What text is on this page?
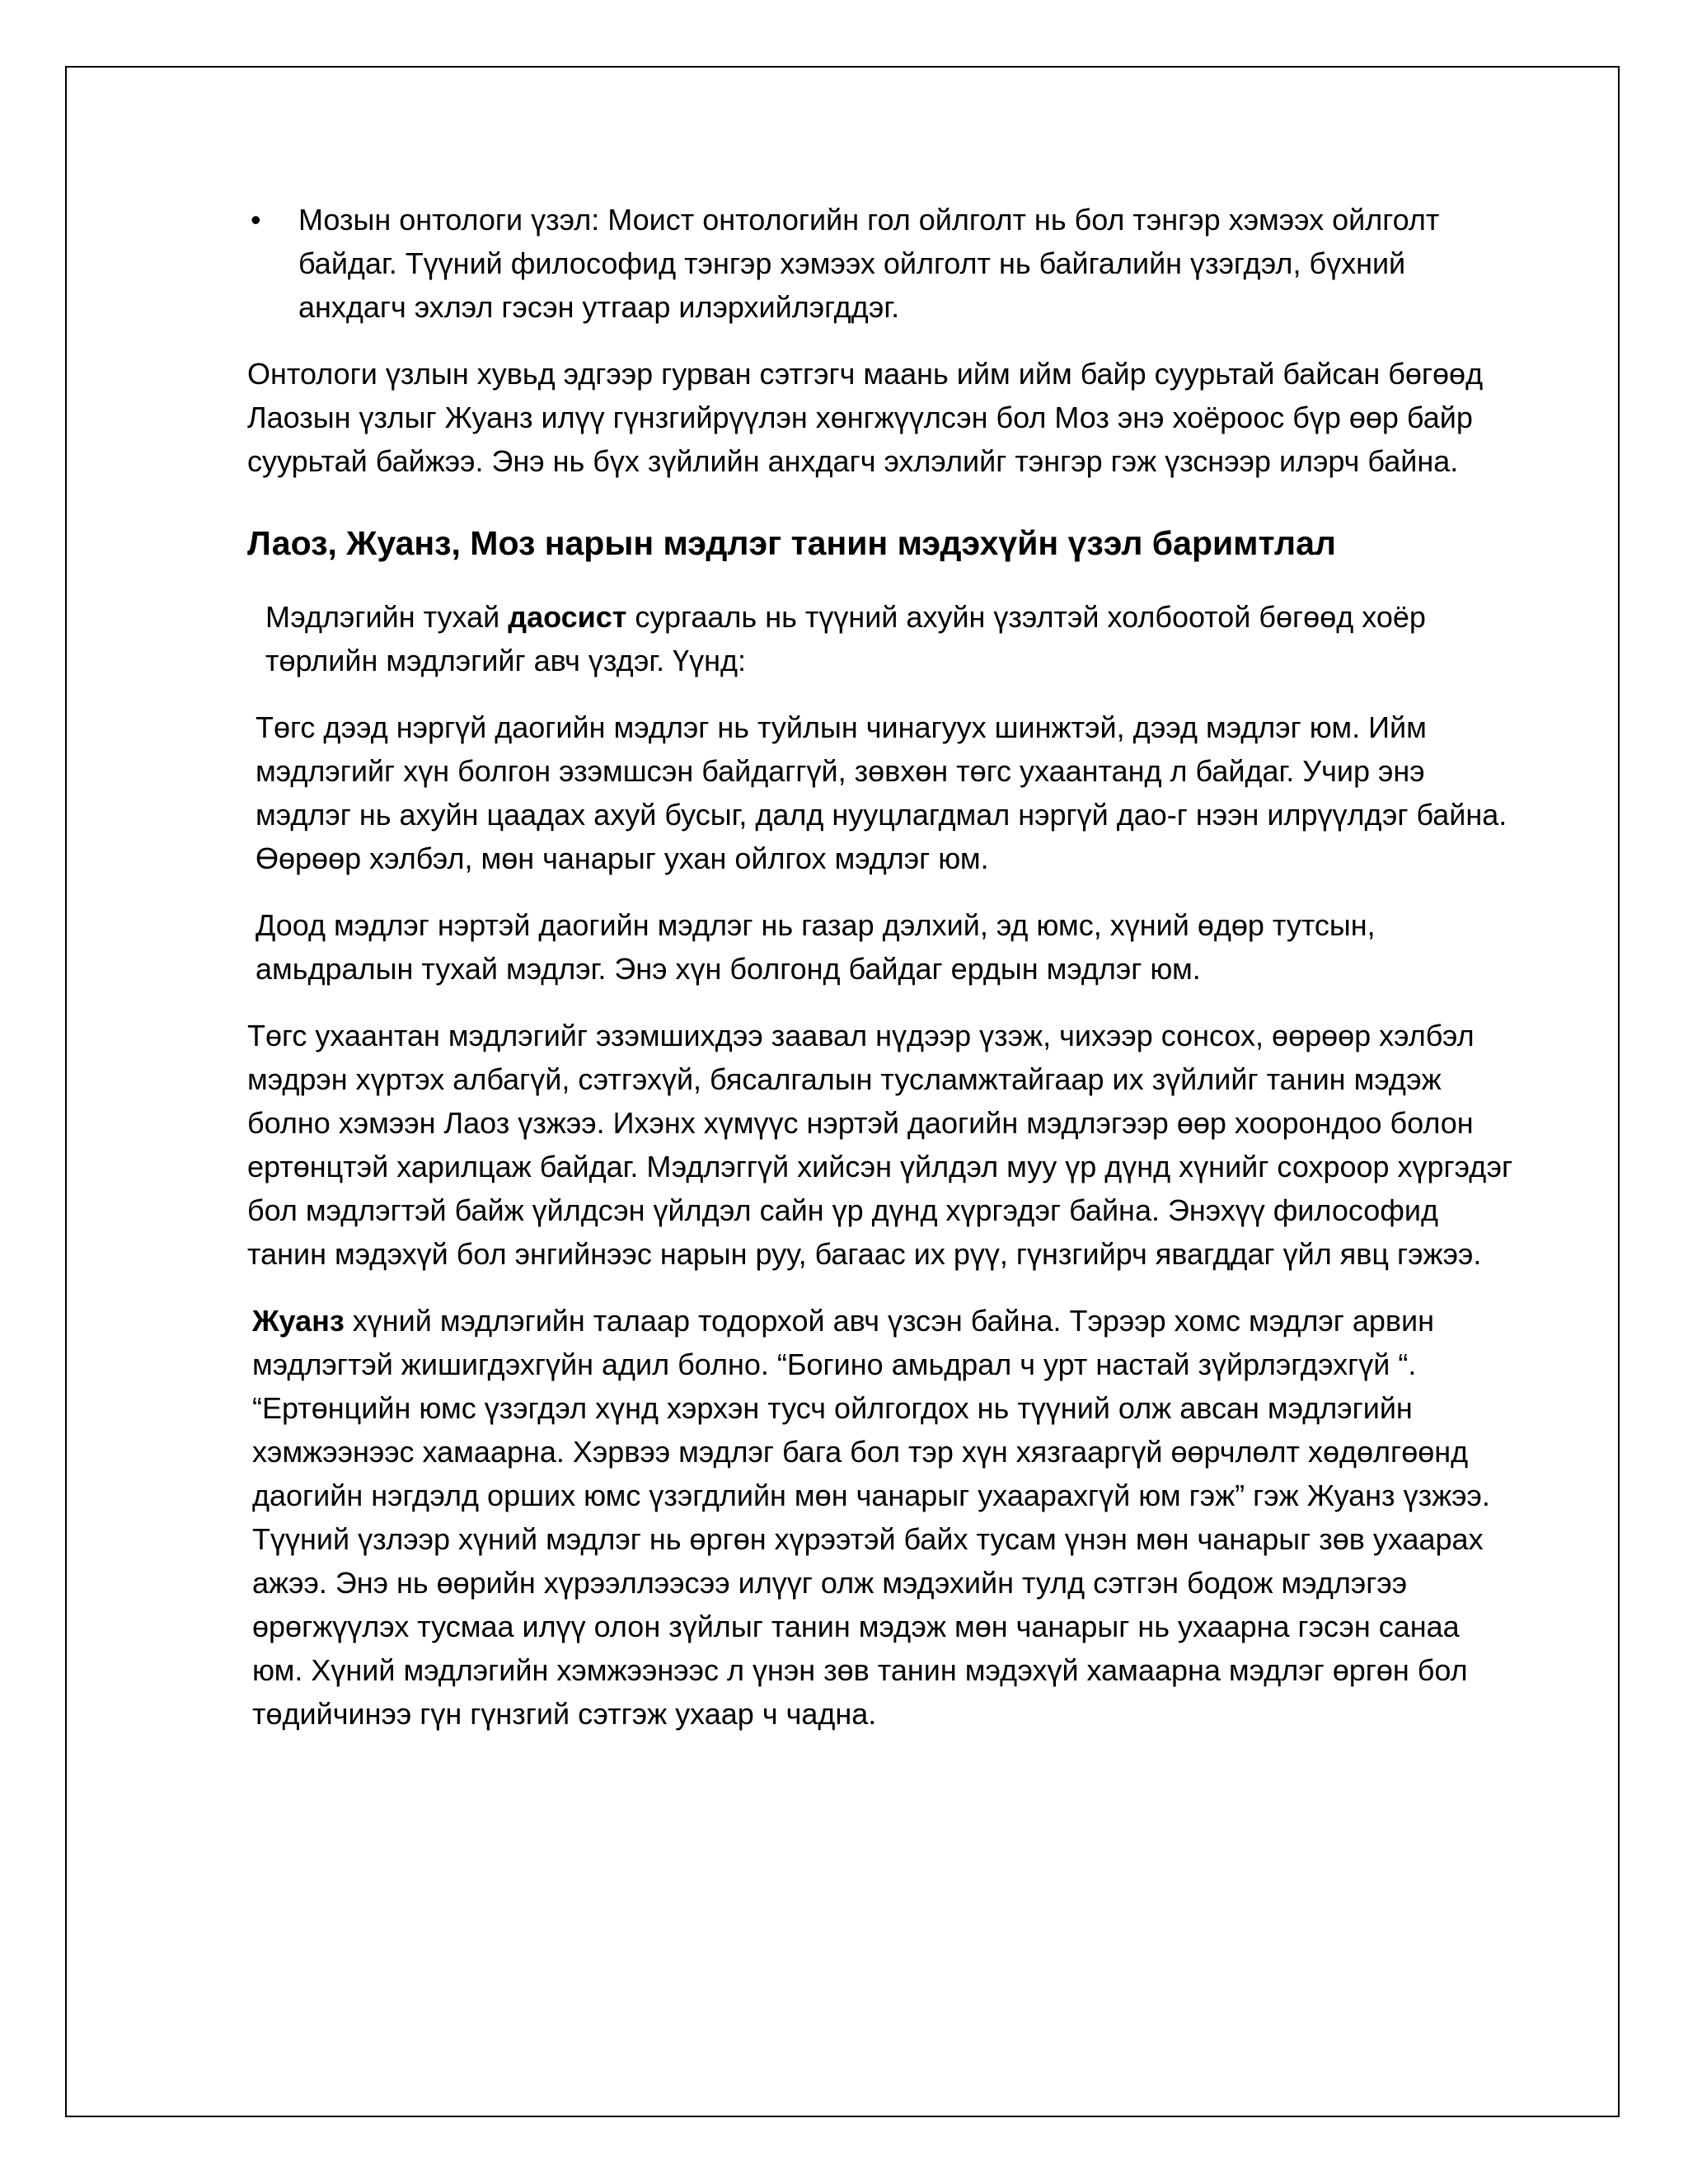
• Мозын онтологи үзэл: Моист онтологийн гол ойлголт нь бол тэнгэр хэмээх ойлголт байдаг. Түүний философид тэнгэр хэмээх ойлголт нь байгалийн үзэгдэл, бүхний анхдагч эхлэл гэсэн утгаар илэрхийлэгддэг.

Онтологи үзлын хувьд эдгээр гурван сэтгэгч маань ийм ийм байр суурьтай байсан бөгөөд Лаозын үзлыг Жуанз илүү гүнзгийрүүлэн хөнгжүүлсэн бол Моз энэ хоёроос бүр өөр байр суурьтай байжээ. Энэ нь бүх зүйлийн анхдагч эхлэлийг тэнгэр гэж үзснээр илэрч байна.

Лаоз, Жуанз, Моз нарын мэдлэг танин мэдэхүйн үзэл баримтлал

Мэдлэгийн тухай даосист сургааль нь түүний ахуйн үзэлтэй холбоотой бөгөөд хоёр төрлийн мэдлэгийг авч үздэг. Үүнд:

Төгс дээд нэргүй даогийн мэдлэг нь туйлын чинагуух шинжтэй, дээд мэдлэг юм. Ийм мэдлэгийг хүн болгон эзэмшсэн байдаггүй, зөвхөн төгс ухаантанд л байдаг. Учир энэ мэдлэг нь ахуйн цаадах ахуй бусыг, далд нууцлагдмал нэргүй дао-г нээн илрүүлдэг байна. Өөрөөр хэлбэл, мөн чанарыг ухан ойлгох мэдлэг юм.

Доод мэдлэг нэртэй даогийн мэдлэг нь газар дэлхий, эд юмс, хүний өдөр тутсын, амьдралын тухай мэдлэг. Энэ хүн болгонд байдаг ердын мэдлэг юм.

Төгс ухаантан мэдлэгийг эзэмшихдээ заавал нүдээр үзэж, чихээр сонсох, өөрөөр хэлбэл мэдрэн хүртэх албагүй, сэтгэхүй, бясалгалын тусламжтайгаар их зүйлийг танин мэдэж болно хэмээн Лаоз үзжээ. Ихэнх хүмүүс нэртэй даогийн мэдлэгээр өөр хоорондоо болон ертөнцтэй харилцаж байдаг. Мэдлэггүй хийсэн үйлдэл муу үр дүнд хүнийг сохроор хүргэдэг бол мэдлэгтэй байж үйлдсэн үйлдэл сайн үр дүнд хүргэдэг байна. Энэхүү философид танин мэдэхүй бол энгийнээс нарын руу, багаас их рүү, гүнзгийрч явагддаг үйл явц гэжээ.

Жуанз хүний мэдлэгийн талаар тодорхой авч үзсэн байна. Тэрээр хомс мэдлэг арвин мэдлэгтэй жишигдэхгүйн адил болно. “Богино амьдрал ч урт настай зүйрлэгдэхгүй “. “Ертөнцийн юмс үзэгдэл хүнд хэрхэн тусч ойлгогдох нь түүний олж авсан мэдлэгийн хэмжээнээс хамаарна. Хэрвээ мэдлэг бага бол тэр хүн хязгааргүй өөрчлөлт хөдөлгөөнд даогийн нэгдэлд орших юмс үзэгдлийн мөн чанарыг ухаарахгүй юм гэж” гэж Жуанз үзжээ. Түүний үзлээр хүний мэдлэг нь өргөн хүрээтэй байх тусам үнэн мөн чанарыг зөв ухаарах ажээ. Энэ нь өөрийн хүрээллээсээ илүүг олж мэдэхийн тулд сэтгэн бодож мэдлэгээ өрөгжүүлэх тусмаа илүү олон зүйлыг танин мэдэж мөн чанарыг нь ухаарна гэсэн санаа юм. Хүний мэдлэгийн хэмжээнээс л үнэн зөв танин мэдэхүй хамаарна мэдлэг өргөн бол төдийчинээ гүн гүнзгий сэтгэж ухаар ч чадна.
